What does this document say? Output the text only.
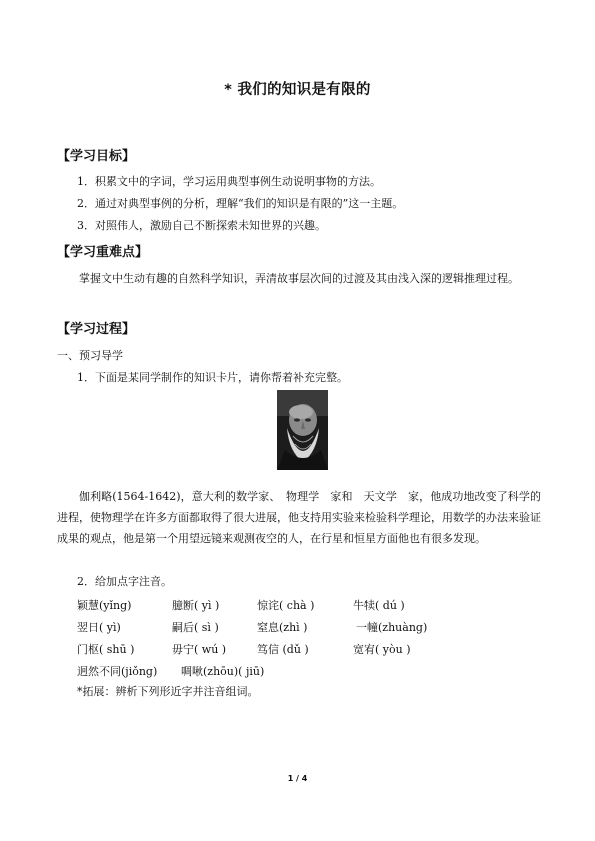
* 我们的知识是有限的
【学习目标】
1．积累文中的字词，学习运用典型事例生动说明事物的方法。
2．通过对典型事例的分析，理解“我们的知识是有限的”这一主题。
3．对照伟人，激励自己不断探索未知世界的兴趣。
【学习重难点】
掌握文中生动有趣的自然科学知识，弄清故事层次间的过渡及其由浅入深的逻辑推理过程。
【学习过程】
一、预习导学
1．下面是某同学制作的知识卡片，请你帮着补充完整。
伽利略(1564-1642)，意大利的数学家、　物理学　家和　天文学　家，他成功地改变了科学的进程，使物理学在许多方面都取得了很大进展，他支持用实验来检验科学理论，用数学的办法来验证成果的观点，他是第一个用望远镜来观测夜空的人，在行星和恒星方面他也有很多发现。
2．给加点字注音。
颖慧(yǐng)	臆断( yì )	惊诧( chà )	牛犊( dú )
翌日( yì)	嗣后( sì )	窒息(zhì )	一幢(zhuàng)
门枢( shū )	毋宁( wú )	笃信 (dǔ )	宽宥( yòu )
迥然不同(jiǒng) 啁啾(zhōu)( jiū)
*拓展：辨析下列形近字并注音组词。
1 / 4
